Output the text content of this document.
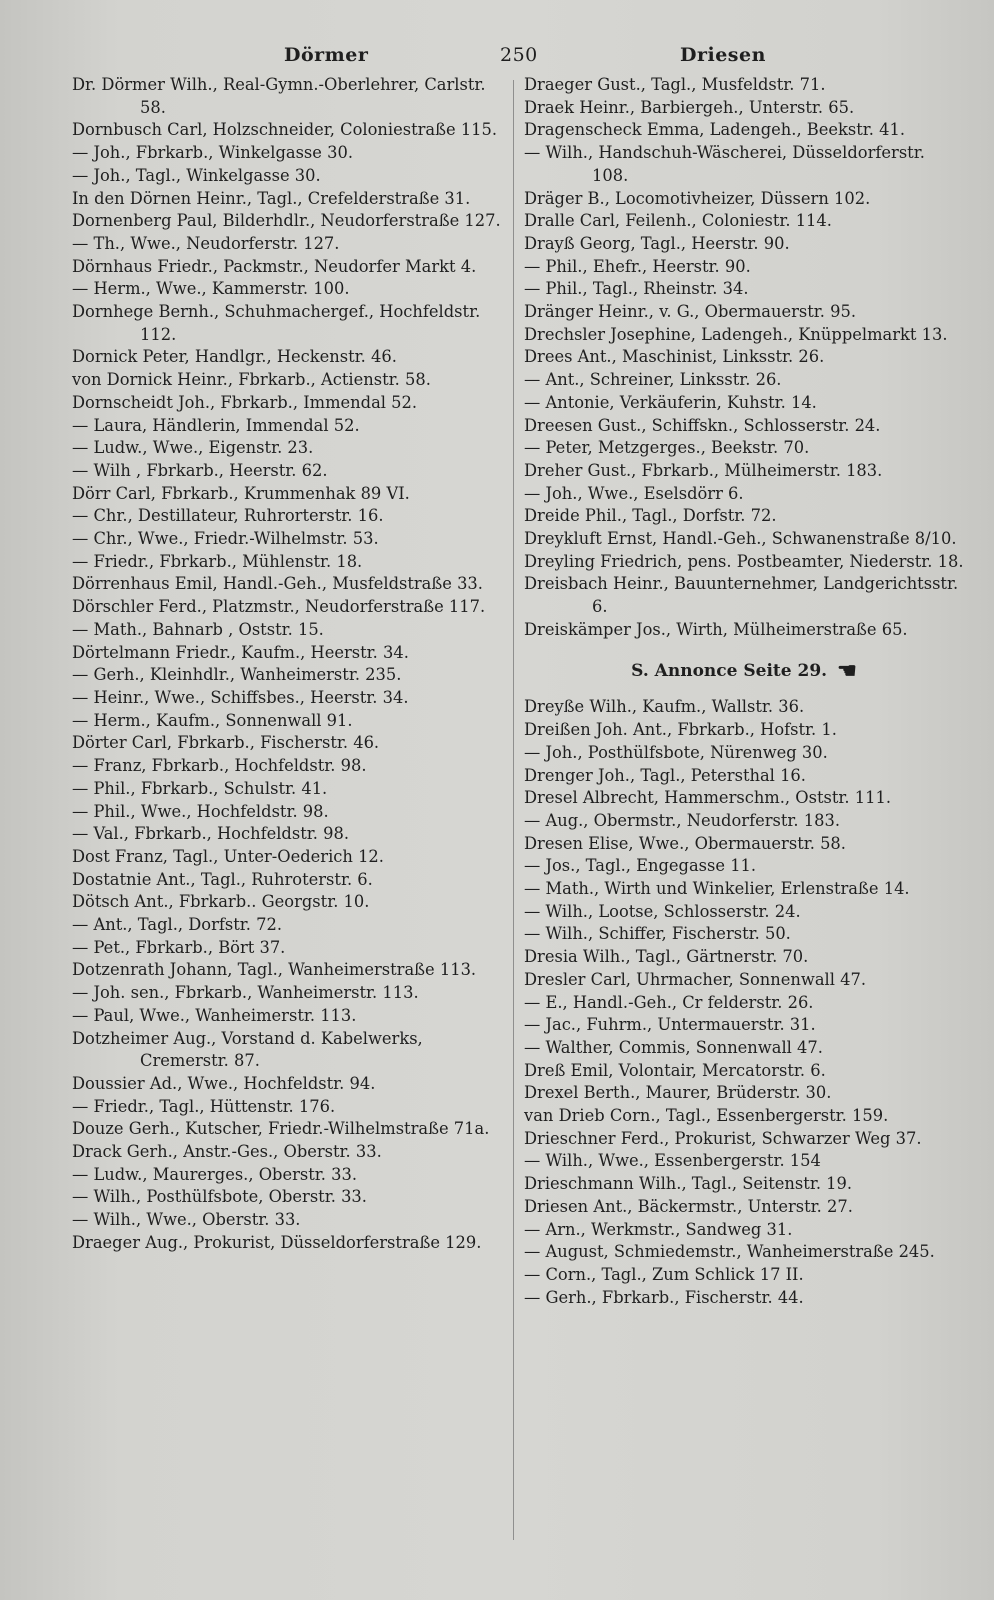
Dörmer	250	Driesen

Dr. Dörmer Wilh., Real-Gymn.-Oberlehrer, Carlstr. 58.

Dornbusch Carl, Holzschneider, Coloniestraße 115.

— Joh., Fbrkarb., Winkelgasse 30.

— Joh., Tagl., Winkelgasse 30.

In den Dörnen Heinr., Tagl., Crefelderstraße 31.

Dornenberg Paul, Bilderhdlr., Neudorferstraße 127.

— Th., Wwe., Neudorferstr. 127.

Dörnhaus Friedr., Packmstr., Neudorfer Markt 4.

— Herm., Wwe., Kammerstr. 100.

Dornhege Bernh., Schuhmachergef., Hochfeldstr. 112.

Dornick Peter, Handlgr., Heckenstr. 46.

von Dornick Heinr., Fbrkarb., Actienstr. 58.

Dornscheidt Joh., Fbrkarb., Immendal 52.

— Laura, Händlerin, Immendal 52.

— Ludw., Wwe., Eigenstr. 23.

— Wilh , Fbrkarb., Heerstr. 62.

Dörr Carl, Fbrkarb., Krummenhak 89 VI.

— Chr., Destillateur, Ruhrorterstr. 16.

— Chr., Wwe., Friedr.-Wilhelmstr. 53.

— Friedr., Fbrkarb., Mühlenstr. 18.

Dörrenhaus Emil, Handl.-Geh., Musfeldstraße 33.

Dörschler Ferd., Platzmstr., Neudorferstraße 117.

— Math., Bahnarb , Oststr. 15.

Dörtelmann Friedr., Kaufm., Heerstr. 34.

— Gerh., Kleinhdlr., Wanheimerstr. 235.

— Heinr., Wwe., Schiffsbes., Heerstr. 34.

— Herm., Kaufm., Sonnenwall 91.

Dörter Carl, Fbrkarb., Fischerstr. 46.

— Franz, Fbrkarb., Hochfeldstr. 98.

— Phil., Fbrkarb., Schulstr. 41.

— Phil., Wwe., Hochfeldstr. 98.

— Val., Fbrkarb., Hochfeldstr. 98.

Dost Franz, Tagl., Unter-Oederich 12.

Dostatnie Ant., Tagl., Ruhroterstr. 6.

Dötsch Ant., Fbrkarb.. Georgstr. 10.

— Ant., Tagl., Dorfstr. 72.

— Pet., Fbrkarb., Bört 37.

Dotzenrath Johann, Tagl., Wanheimerstraße 113.

— Joh. sen., Fbrkarb., Wanheimerstr. 113.

— Paul, Wwe., Wanheimerstr. 113.

Dotzheimer Aug., Vorstand d. Kabelwerks, Cremerstr. 87.

Doussier Ad., Wwe., Hochfeldstr. 94.

— Friedr., Tagl., Hüttenstr. 176.

Douze Gerh., Kutscher, Friedr.-Wilhelmstraße 71a.

Drack Gerh., Anstr.-Ges., Oberstr. 33.

— Ludw., Maurerges., Oberstr. 33.

— Wilh., Posthülfsbote, Oberstr. 33.

— Wilh., Wwe., Oberstr. 33.

Draeger Aug., Prokurist, Düsseldorferstraße 129.

Draeger Gust., Tagl., Musfeldstr. 71.

Draek Heinr., Barbiergeh., Unterstr. 65.

Dragenscheck Emma, Ladengeh., Beekstr. 41.

— Wilh., Handschuh-Wäscherei, Düsseldorferstr. 108.

Dräger B., Locomotivheizer, Düssern 102.

Dralle Carl, Feilenh., Coloniestr. 114.

Drayß Georg, Tagl., Heerstr. 90.

— Phil., Ehefr., Heerstr. 90.

— Phil., Tagl., Rheinstr. 34.

Dränger Heinr., v. G., Obermauerstr. 95.

Drechsler Josephine, Ladengeh., Knüppelmarkt 13.

Drees Ant., Maschinist, Linksstr. 26.

— Ant., Schreiner, Linksstr. 26.

— Antonie, Verkäuferin, Kuhstr. 14.

Dreesen Gust., Schiffskn., Schlosserstr. 24.

— Peter, Metzgerges., Beekstr. 70.

Dreher Gust., Fbrkarb., Mülheimerstr. 183.

— Joh., Wwe., Eselsdörr 6.

Dreide Phil., Tagl., Dorfstr. 72.

Dreykluft Ernst, Handl.-Geh., Schwanenstraße 8/10.

Dreyling Friedrich, pens. Postbeamter, Niederstr. 18.

Dreisbach Heinr., Bauunternehmer, Landgerichtsstr. 6.

Dreiskämper Jos., Wirth, Mülheimerstraße 65.

S. Annonce Seite 29. ☚

Dreyße Wilh., Kaufm., Wallstr. 36.

Dreißen Joh. Ant., Fbrkarb., Hofstr. 1.

— Joh., Posthülfsbote, Nürenweg 30.

Drenger Joh., Tagl., Petersthal 16.

Dresel Albrecht, Hammerschm., Oststr. 111.

— Aug., Obermstr., Neudorferstr. 183.

Dresen Elise, Wwe., Obermauerstr. 58.

— Jos., Tagl., Engegasse 11.

— Math., Wirth und Winkelier, Erlenstraße 14.

— Wilh., Lootse, Schlosserstr. 24.

— Wilh., Schiffer, Fischerstr. 50.

Dresia Wilh., Tagl., Gärtnerstr. 70.

Dresler Carl, Uhrmacher, Sonnenwall 47.

— E., Handl.-Geh., Cr felderstr. 26.

— Jac., Fuhrm., Untermauerstr. 31.

— Walther, Commis, Sonnenwall 47.

Dreß Emil, Volontair, Mercatorstr. 6.

Drexel Berth., Maurer, Brüderstr. 30.

van Drieb Corn., Tagl., Essenbergerstr. 159.

Drieschner Ferd., Prokurist, Schwarzer Weg 37.

— Wilh., Wwe., Essenbergerstr. 154

Drieschmann Wilh., Tagl., Seitenstr. 19.

Driesen Ant., Bäckermstr., Unterstr. 27.

— Arn., Werkmstr., Sandweg 31.

— August, Schmiedemstr., Wanheimerstraße 245.

— Corn., Tagl., Zum Schlick 17 II.

— Gerh., Fbrkarb., Fischerstr. 44.
